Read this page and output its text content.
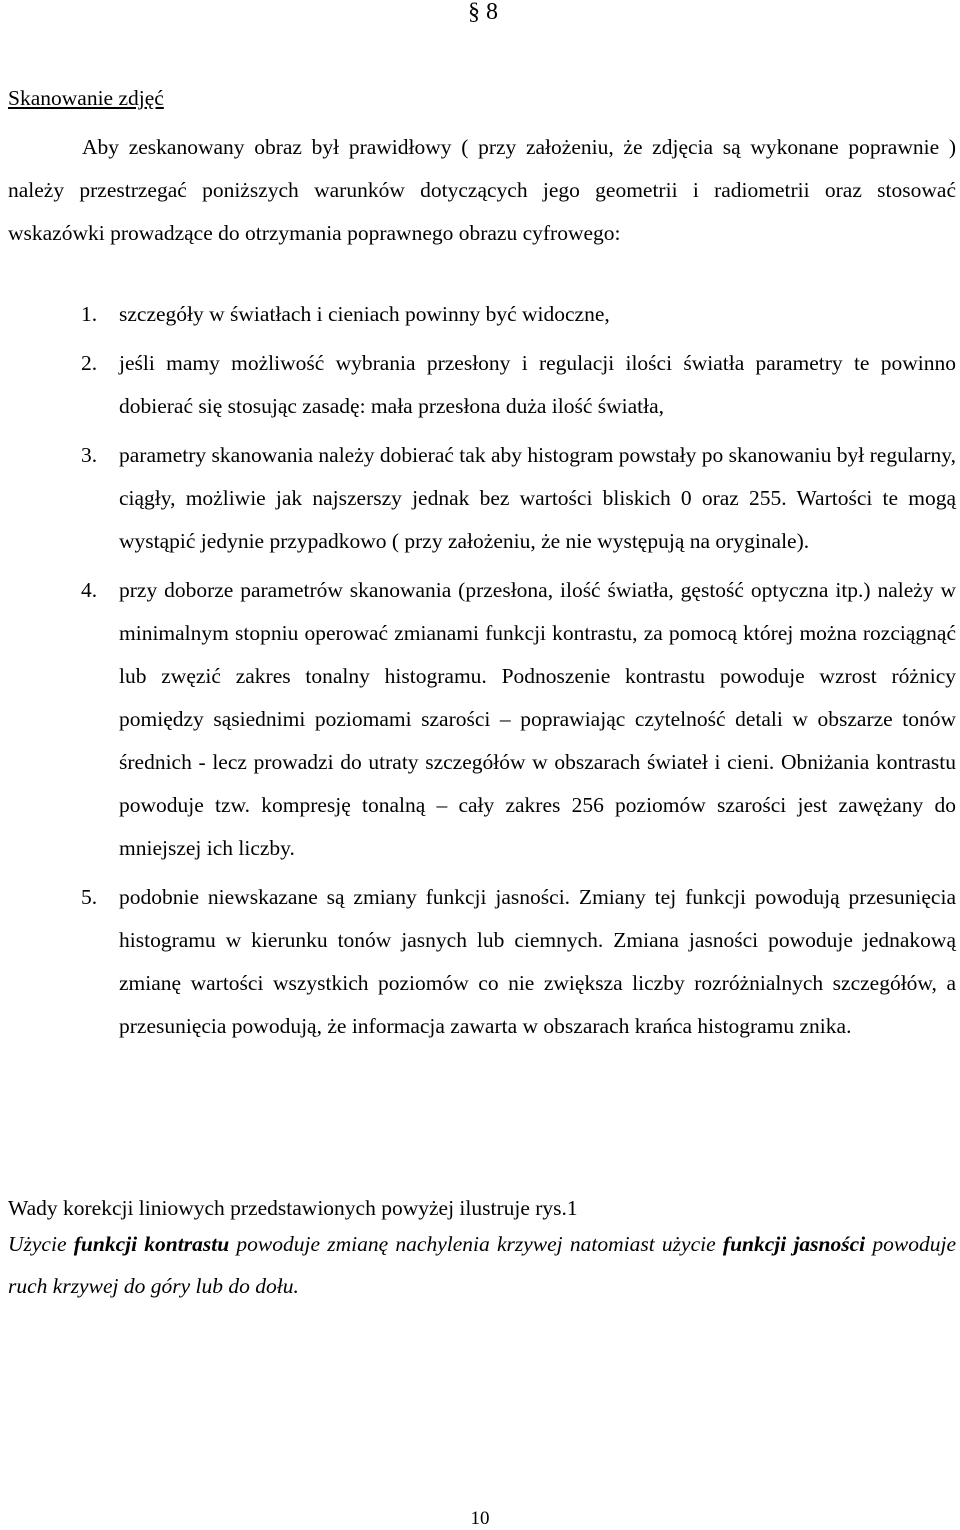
§ 8
Skanowanie zdjęć

Aby zeskanowany obraz był prawidłowy ( przy założeniu, że zdjęcia są wykonane poprawnie ) należy przestrzegać poniższych warunków dotyczących jego geometrii i radiometrii oraz stosować wskazówki prowadzące do otrzymania poprawnego obrazu cyfrowego:

1. szczegóły w światłach i cieniach powinny być widoczne,
2. jeśli mamy możliwość wybrania przesłony i regulacji ilości światła parametry te powinno dobierać się stosując zasadę: mała przesłona duża ilość światła,
3. parametry skanowania należy dobierać tak aby histogram powstały po skanowaniu był regularny, ciągły, możliwie jak najszerszy jednak bez wartości bliskich 0 oraz 255. Wartości te mogą wystąpić jedynie przypadkowo ( przy założeniu, że nie występują na oryginale).
4. przy doborze parametrów skanowania (przesłona, ilość światła, gęstość optyczna itp.) należy w minimalnym stopniu operować zmianami funkcji kontrastu, za pomocą której można rozciągnąć lub zwęzić zakres tonalny histogramu. Podnoszenie kontrastu powoduje wzrost różnicy pomiędzy sąsiednimi poziomami szarości – poprawiając czytelność detali w obszarze tonów średnich - lecz prowadzi do utraty szczegółów w obszarach świateł i cieni. Obniżania kontrastu powoduje tzw. kompresję tonalną – cały zakres 256 poziomów szarości jest zawężany do mniejszej ich liczby.
5. podobnie niewskazane są zmiany funkcji jasności. Zmiany tej funkcji powodują przesunięcia histogramu w kierunku tonów jasnych lub ciemnych. Zmiana jasności powoduje jednakową zmianę wartości wszystkich poziomów co nie zwiększa liczby rozróżnialnych szczegółów, a przesunięcia powodują, że informacja zawarta w obszarach krańca histogramu znika.
Wady korekcji liniowych przedstawionych powyżej ilustruje rys.1

Użycie funkcji kontrastu powoduje zmianę nachylenia krzywej natomiast użycie funkcji jasności powoduje ruch krzywej do góry lub do dołu.

10
